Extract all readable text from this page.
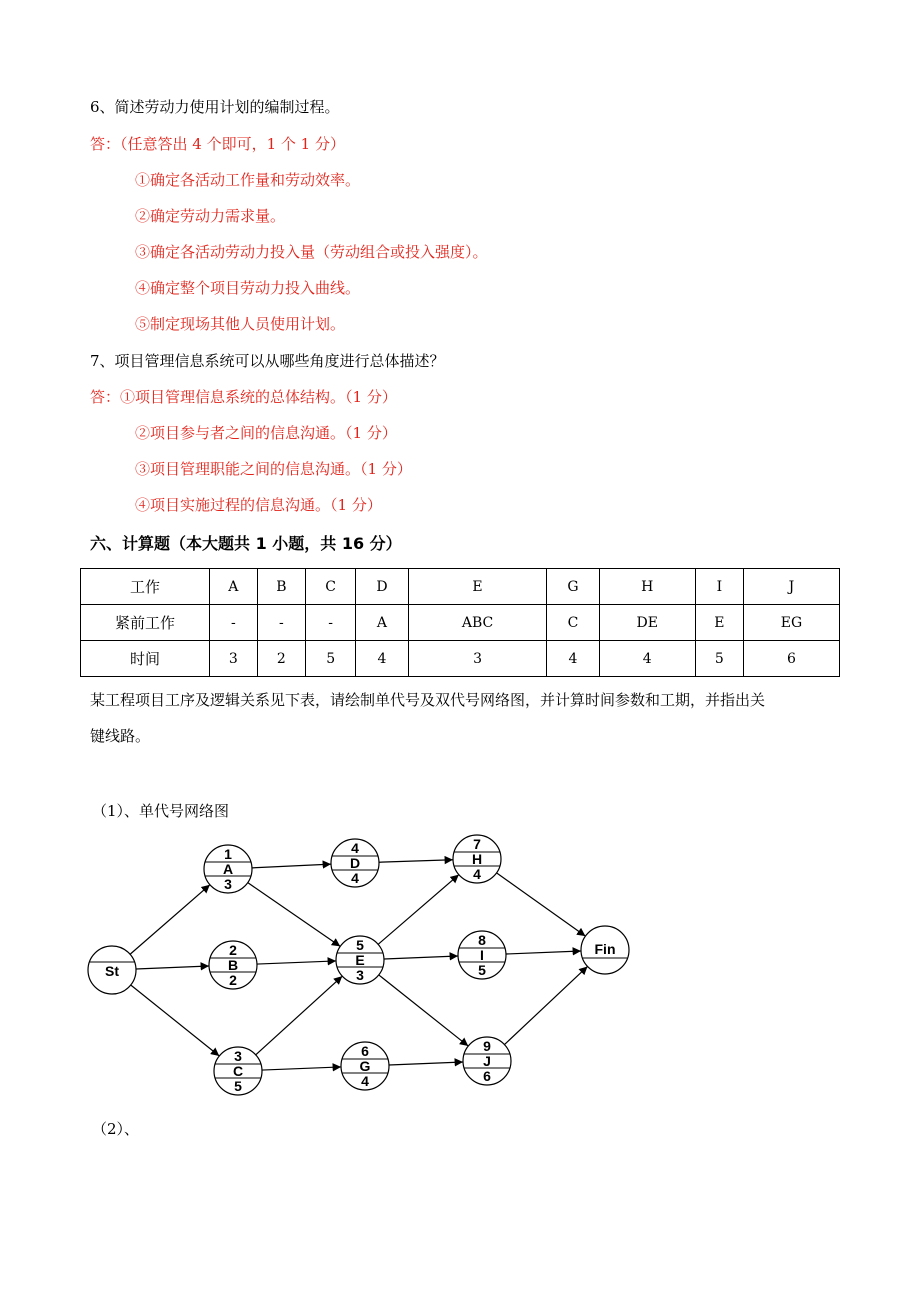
6、简述劳动力使用计划的编制过程。
答：（任意答出 4 个即可，1 个 1 分）
①确定各活动工作量和劳动效率。
②确定劳动力需求量。
③确定各活动劳动力投入量（劳动组合或投入强度）。
④确定整个项目劳动力投入曲线。
⑤制定现场其他人员使用计划。
7、项目管理信息系统可以从哪些角度进行总体描述？
答：①项目管理信息系统的总体结构。（1 分）
②项目参与者之间的信息沟通。（1 分）
③项目管理职能之间的信息沟通。（1 分）
④项目实施过程的信息沟通。（1 分）
六、计算题（本大题共 1 小题，共 16 分）
工作	A	B	C	D	E	G	H	I	J
紧前工作	-	-	-	A	ABC	C	DE	E	EG
时间	3	2	5	4	3	4	4	5	6
某工程项目工序及逻辑关系见下表，请绘制单代号及双代号网络图，并计算时间参数和工期，并指出关
键线路。
（1）、单代号网络图
（2）、
St
1
A
3
2
B
2
3
C
5
4
D
4
5
E
3
6
G
4
7
H
4
8
I
5
9
J
6
Fin
